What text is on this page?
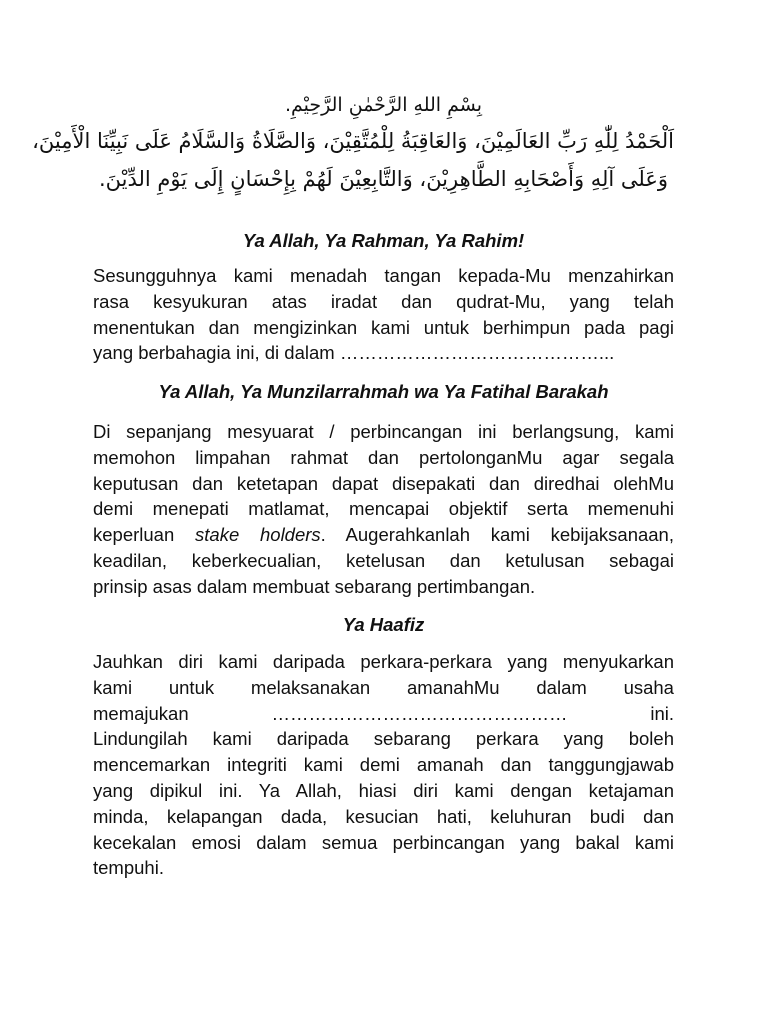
بِسْمِ اللهِ الرَّحْمٰنِ الرَّحِيْمِ.
اَلْحَمْدُ لِلّٰهِ رَبِّ العَالَمِيْنَ، وَالعَاقِبَةُ لِلْمُتَّقِيْنَ، وَالصَّلَاةُ وَالسَّلَامُ عَلَى نَبِيِّنَا الْأَمِيْنَ،
وَعَلَى آلِهِ وَأَصْحَابِهِ الطَّاهِرِيْنَ، وَالتَّابِعِيْنَ لَهُمْ بِإِحْسَانٍ إِلَى يَوْمِ الدِّيْنَ.
Ya Allah, Ya Rahman, Ya Rahim!
Sesungguhnya kami menadah tangan kepada-Mu menzahirkan
rasa kesyukuran atas iradat dan qudrat-Mu, yang telah
menentukan dan mengizinkan kami untuk berhimpun pada pagi
yang berbahagia ini, di dalam ……………………………………...
Ya Allah, Ya Munzilarrahmah wa Ya Fatihal Barakah
Di sepanjang mesyuarat / perbincangan ini berlangsung, kami
memohon limpahan rahmat dan pertolonganMu agar segala
keputusan dan ketetapan dapat disepakati dan diredhai olehMu
demi menepati matlamat, mencapai objektif serta memenuhi
keperluan stake holders. Augerahkanlah kami kebijaksanaan,
keadilan, keberkecualian, ketelusan dan ketulusan sebagai
prinsip asas dalam membuat sebarang pertimbangan.
Ya Haafiz
Jauhkan diri kami daripada perkara-perkara yang menyukarkan
kami untuk melaksanakan amanahMu dalam usaha
memajukan	…………………………………………	ini.
Lindungilah kami daripada sebarang perkara yang boleh
mencemarkan integriti kami demi amanah dan tanggungjawab
yang dipikul ini. Ya Allah, hiasi diri kami dengan ketajaman
minda, kelapangan dada, kesucian hati, keluhuran budi dan
kecekalan emosi dalam semua perbincangan yang bakal kami
tempuhi.
